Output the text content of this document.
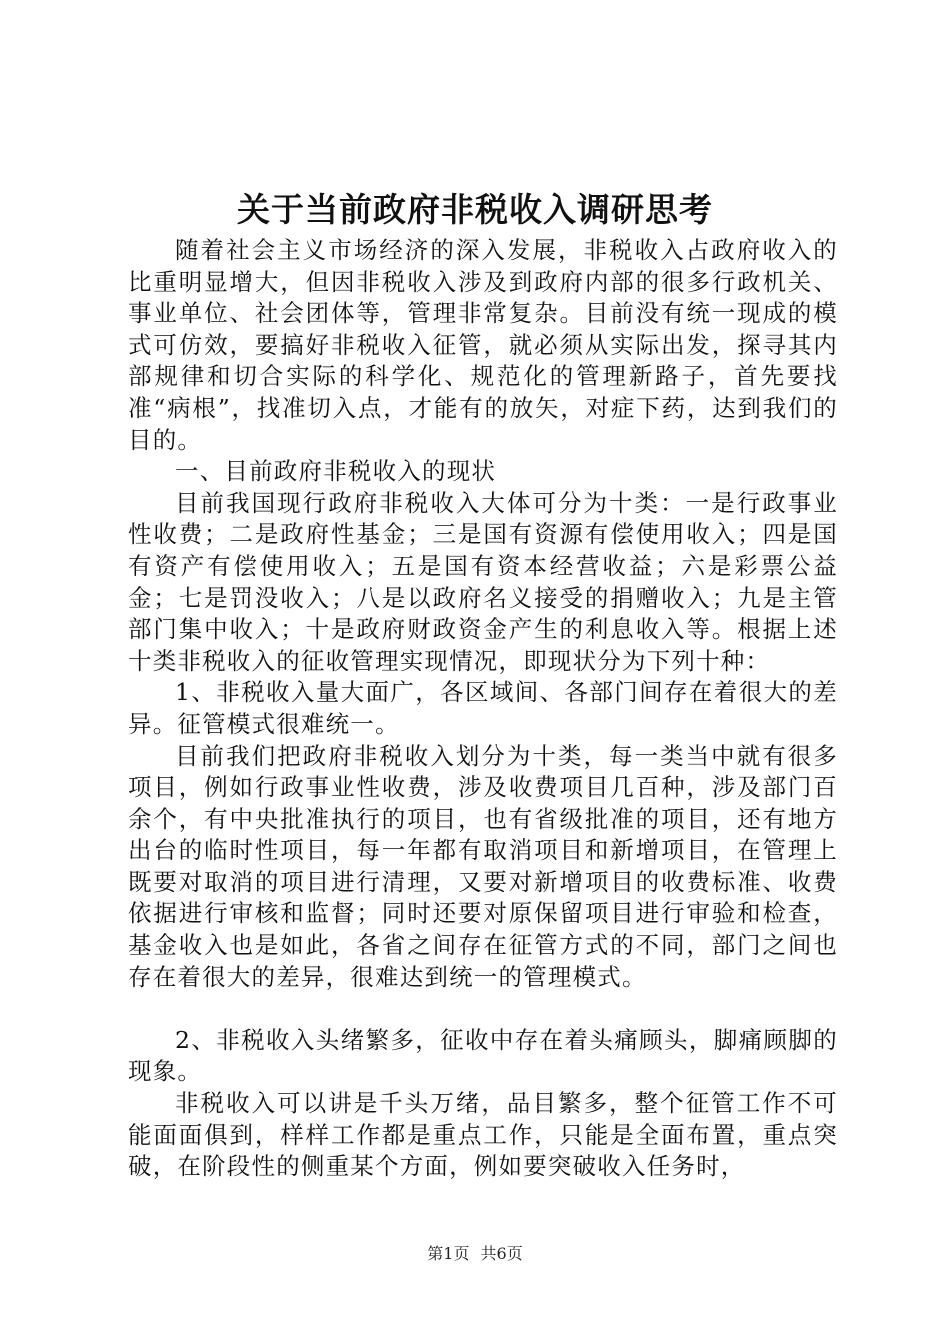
关于当前政府非税收入调研思考

随着社会主义市场经济的深入发展，非税收入占政府收入的比重明显增大，但因非税收入涉及到政府内部的很多行政机关、事业单位、社会团体等，管理非常复杂。目前没有统一现成的模式可仿效，要搞好非税收入征管，就必须从实际出发，探寻其内部规律和切合实际的科学化、规范化的管理新路子，首先要找准“病根”，找准切入点，才能有的放矢，对症下药，达到我们的目的。

一、目前政府非税收入的现状

目前我国现行政府非税收入大体可分为十类：一是行政事业性收费；二是政府性基金；三是国有资源有偿使用收入；四是国有资产有偿使用收入；五是国有资本经营收益；六是彩票公益金；七是罚没收入；八是以政府名义接受的捐赠收入；九是主管部门集中收入；十是政府财政资金产生的利息收入等。根据上述十类非税收入的征收管理实现情况，即现状分为下列十种：

1、非税收入量大面广，各区域间、各部门间存在着很大的差异。征管模式很难统一。

目前我们把政府非税收入划分为十类，每一类当中就有很多项目，例如行政事业性收费，涉及收费项目几百种，涉及部门百余个，有中央批准执行的项目，也有省级批准的项目，还有地方出台的临时性项目，每一年都有取消项目和新增项目，在管理上既要对取消的项目进行清理，又要对新增项目的收费标准、收费依据进行审核和监督；同时还要对原保留项目进行审验和检查，基金收入也是如此，各省之间存在征管方式的不同，部门之间也存在着很大的差异，很难达到统一的管理模式。

2、非税收入头绪繁多，征收中存在着头痛顾头，脚痛顾脚的现象。

非税收入可以讲是千头万绪，品目繁多，整个征管工作不可能面面俱到，样样工作都是重点工作，只能是全面布置，重点突破，在阶段性的侧重某个方面，例如要突破收入任务时，

第1页 共6页
